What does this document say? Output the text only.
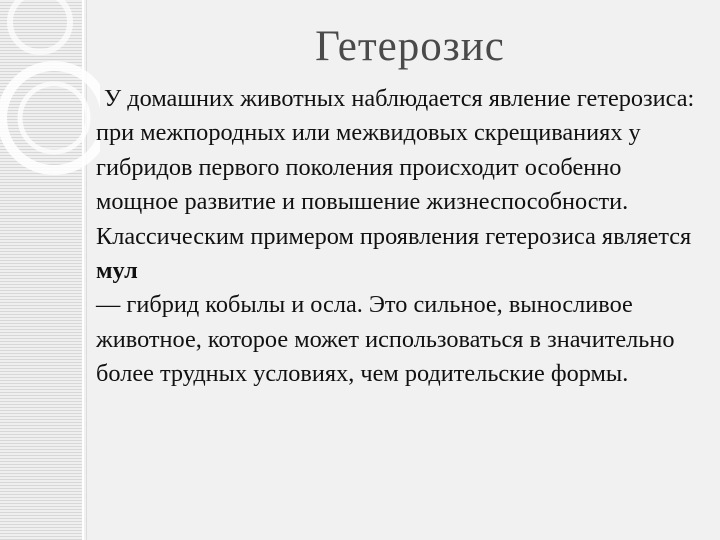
Гетерозис

У домашних животных наблюдается явление гетерозиса: при межпородных или межвидовых скрещиваниях у гибридов первого поколения происходит особенно мощное развитие и повышение жизнеспособности. Классическим примером проявления гетерозиса является мул
— гибрид кобылы и осла. Это сильное, выносливое животное, которое может использоваться в значительно более трудных условиях, чем родительские формы.
